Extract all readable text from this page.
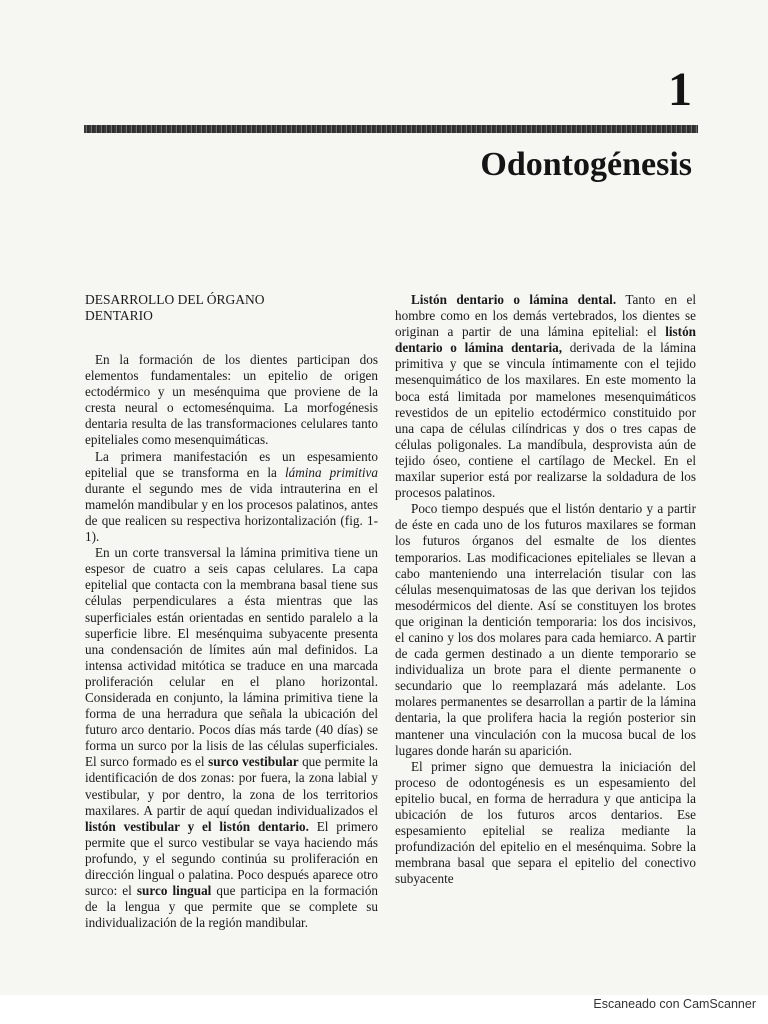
1
Odontogénesis
DESARROLLO DEL ÓRGANO
DENTARIO

En la formación de los dientes participan dos elementos fundamentales: un epitelio de origen ectodérmico y un mesénquima que proviene de la cresta neural o ectomesénquima. La morfogénesis dentaria resulta de las transformaciones celulares tanto epiteliales como mesenquimáticas.

La primera manifestación es un espesamiento epitelial que se transforma en la lámina primitiva durante el segundo mes de vida intrauterina en el mamelón mandibular y en los procesos palatinos, antes de que realicen su respectiva horizontalización (fig. 1-1).

En un corte transversal la lámina primitiva tiene un espesor de cuatro a seis capas celulares. La capa epitelial que contacta con la membrana basal tiene sus células perpendiculares a ésta mientras que las superficiales están orientadas en sentido paralelo a la superficie libre. El mesénquima subyacente presenta una condensación de límites aún mal definidos. La intensa actividad mitótica se traduce en una marcada proliferación celular en el plano horizontal. Considerada en conjunto, la lámina primitiva tiene la forma de una herradura que señala la ubicación del futuro arco dentario. Pocos días más tarde (40 días) se forma un surco por la lisis de las células superficiales. El surco formado es el surco vestibular que permite la identificación de dos zonas: por fuera, la zona labial y vestibular, y por dentro, la zona de los territorios maxilares. A partir de aquí quedan individualizados el listón vestibular y el listón dentario. El primero permite que el surco vestibular se vaya haciendo más profundo, y el segundo continúa su proliferación en dirección lingual o palatina. Poco después aparece otro surco: el surco lingual que participa en la formación de la lengua y que permite que se complete su individualización de la región mandibular.

Listón dentario o lámina dental. Tanto en el hombre como en los demás vertebrados, los dientes se originan a partir de una lámina epitelial: el listón dentario o lámina dentaria, derivada de la lámina primitiva y que se vincula íntimamente con el tejido mesenquimático de los maxilares. En este momento la boca está limitada por mamelones mesenquimáticos revestidos de un epitelio ectodérmico constituido por una capa de células cilíndricas y dos o tres capas de células poligonales. La mandíbula, desprovista aún de tejido óseo, contiene el cartílago de Meckel. En el maxilar superior está por realizarse la soldadura de los procesos palatinos.

Poco tiempo después que el listón dentario y a partir de éste en cada uno de los futuros maxilares se forman los futuros órganos del esmalte de los dientes temporarios. Las modificaciones epiteliales se llevan a cabo manteniendo una interrelación tisular con las células mesenquimatosas de las que derivan los tejidos mesodérmicos del diente. Así se constituyen los brotes que originan la dentición temporaria: los dos incisivos, el canino y los dos molares para cada hemiarco. A partir de cada germen destinado a un diente temporario se individualiza un brote para el diente permanente o secundario que lo reemplazará más adelante. Los molares permanentes se desarrollan a partir de la lámina dentaria, la que prolifera hacia la región posterior sin mantener una vinculación con la mucosa bucal de los lugares donde harán su aparición.

El primer signo que demuestra la iniciación del proceso de odontogénesis es un espesamiento del epitelio bucal, en forma de herradura y que anticipa la ubicación de los futuros arcos dentarios. Ese espesamiento epitelial se realiza mediante la profundización del epitelio en el mesénquima. Sobre la membrana basal que separa el epitelio del conectivo subyacente

Escaneado con CamScanner
